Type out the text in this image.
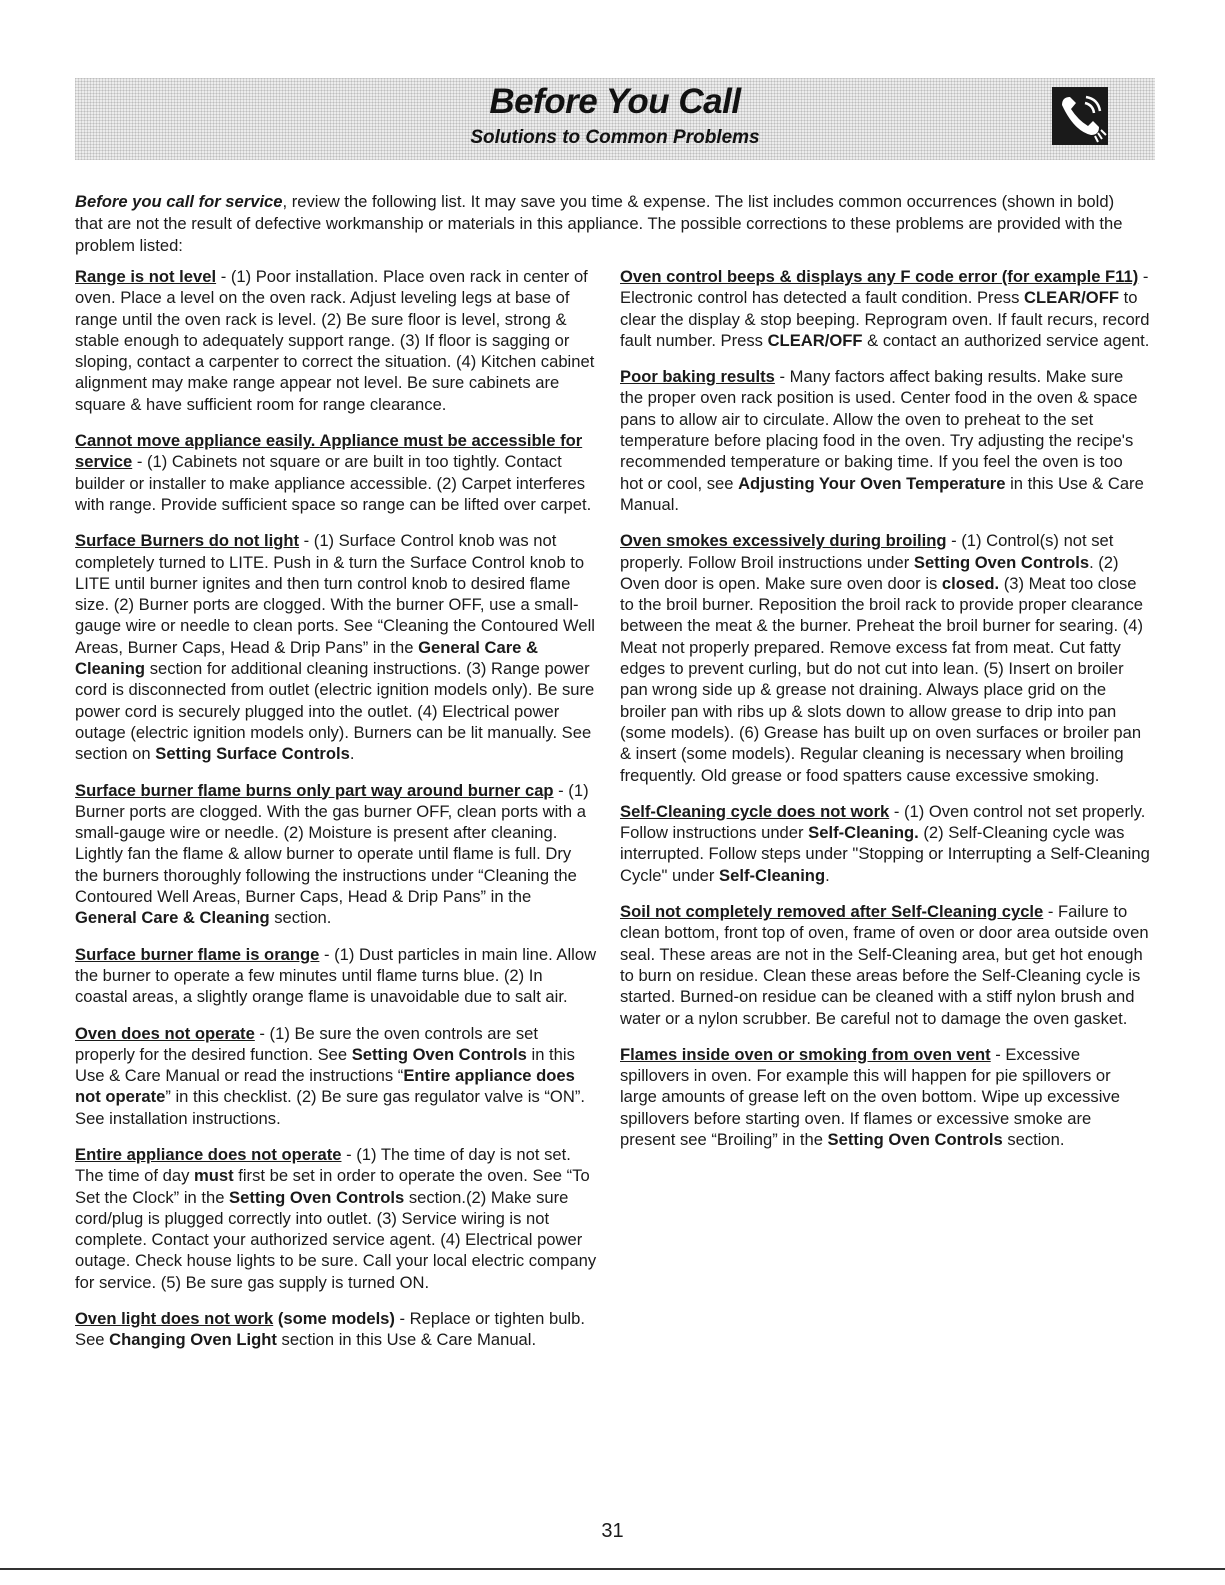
Before You Call
Solutions to Common Problems
Before you call for service, review the following list. It may save you time & expense. The list includes common occurrences (shown in bold) that are not the result of defective workmanship or materials in this appliance. The possible corrections to these problems are provided with the problem listed:

Range is not level - (1) Poor installation. Place oven rack in center of oven. Place a level on the oven rack. Adjust leveling legs at base of range until the oven rack is level. (2) Be sure floor is level, strong & stable enough to adequately support range. (3) If floor is sagging or sloping, contact a carpenter to correct the situation. (4) Kitchen cabinet alignment may make range appear not level. Be sure cabinets are square & have sufficient room for range clearance.

Cannot move appliance easily. Appliance must be accessible for service - (1) Cabinets not square or are built in too tightly. Contact builder or installer to make appliance accessible. (2) Carpet interferes with range. Provide sufficient space so range can be lifted over carpet.

Surface Burners do not light - (1) Surface Control knob was not completely turned to LITE. Push in & turn the Surface Control knob to LITE until burner ignites and then turn control knob to desired flame size. (2) Burner ports are clogged. With the burner OFF, use a small-gauge wire or needle to clean ports. See “Cleaning the Contoured Well Areas, Burner Caps, Head & Drip Pans” in the General Care & Cleaning section for additional cleaning instructions. (3) Range power cord is disconnected from outlet (electric ignition models only). Be sure power cord is securely plugged into the outlet. (4) Electrical power outage (electric ignition models only). Burners can be lit manually. See section on Setting Surface Controls.

Surface burner flame burns only part way around burner cap - (1) Burner ports are clogged. With the gas burner OFF, clean ports with a small-gauge wire or needle. (2) Moisture is present after cleaning. Lightly fan the flame & allow burner to operate until flame is full. Dry the burners thoroughly following the instructions under “Cleaning the Contoured Well Areas, Burner Caps, Head & Drip Pans” in the General Care & Cleaning section.

Surface burner flame is orange - (1) Dust particles in main line. Allow the burner to operate a few minutes until flame turns blue. (2) In coastal areas, a slightly orange flame is unavoidable due to salt air.

Oven does not operate - (1) Be sure the oven controls are set properly for the desired function. See Setting Oven Controls in this Use & Care Manual or read the instructions “Entire appliance does not operate” in this checklist. (2) Be sure gas regulator valve is “ON”. See installation instructions.

Entire appliance does not operate - (1) The time of day is not set. The time of day must first be set in order to operate the oven. See “To Set the Clock” in the Setting Oven Controls section.(2) Make sure cord/plug is plugged correctly into outlet. (3) Service wiring is not complete. Contact your authorized service agent. (4) Electrical power outage. Check house lights to be sure. Call your local electric company for service. (5) Be sure gas supply is turned ON.

Oven light does not work (some models) - Replace or tighten bulb. See Changing Oven Light section in this Use & Care Manual.

Oven control beeps & displays any F code error (for example F11) - Electronic control has detected a fault condition. Press CLEAR/OFF to clear the display & stop beeping. Reprogram oven. If fault recurs, record fault number. Press CLEAR/OFF & contact an authorized service agent.

Poor baking results - Many factors affect baking results. Make sure the proper oven rack position is used. Center food in the oven & space pans to allow air to circulate. Allow the oven to preheat to the set temperature before placing food in the oven. Try adjusting the recipe's recommended temperature or baking time. If you feel the oven is too hot or cool, see Adjusting Your Oven Temperature in this Use & Care Manual.

Oven smokes excessively during broiling - (1) Control(s) not set properly. Follow Broil instructions under Setting Oven Controls. (2) Oven door is open. Make sure oven door is closed. (3) Meat too close to the broil burner. Reposition the broil rack to provide proper clearance between the meat & the burner. Preheat the broil burner for searing. (4) Meat not properly prepared. Remove excess fat from meat. Cut fatty edges to prevent curling, but do not cut into lean. (5) Insert on broiler pan wrong side up & grease not draining. Always place grid on the broiler pan with ribs up & slots down to allow grease to drip into pan (some models). (6) Grease has built up on oven surfaces or broiler pan & insert (some models). Regular cleaning is necessary when broiling frequently. Old grease or food spatters cause excessive smoking.

Self-Cleaning cycle does not work - (1) Oven control not set properly. Follow instructions under Self-Cleaning. (2) Self-Cleaning cycle was interrupted. Follow steps under "Stopping or Interrupting a Self-Cleaning Cycle" under Self-Cleaning.

Soil not completely removed after Self-Cleaning cycle - Failure to clean bottom, front top of oven, frame of oven or door area outside oven seal. These areas are not in the Self-Cleaning area, but get hot enough to burn on residue. Clean these areas before the Self-Cleaning cycle is started. Burned-on residue can be cleaned with a stiff nylon brush and water or a nylon scrubber. Be careful not to damage the oven gasket.

Flames inside oven or smoking from oven vent - Excessive spillovers in oven. For example this will happen for pie spillovers or large amounts of grease left on the oven bottom. Wipe up excessive spillovers before starting oven. If flames or excessive smoke are present see “Broiling” in the Setting Oven Controls section.

31
